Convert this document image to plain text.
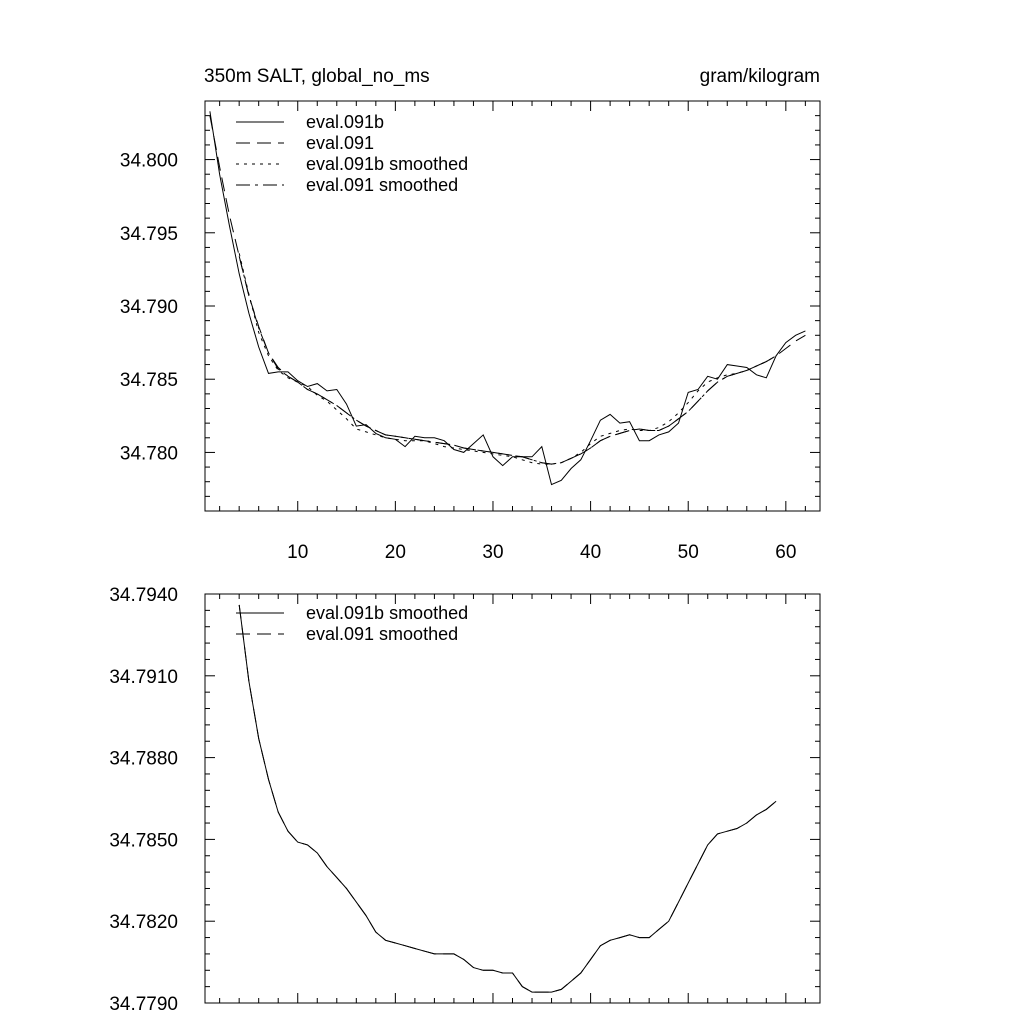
350m SALT, global_no_ms	gram/kilogram
10	20	30	40	50	60
34.780
34.785
34.790
34.795
34.800
eval.091b
eval.091
eval.091b smoothed
eval.091 smoothed
34.7790
34.7820
34.7850
34.7880
34.7910
34.7940
eval.091b smoothed
eval.091 smoothed
